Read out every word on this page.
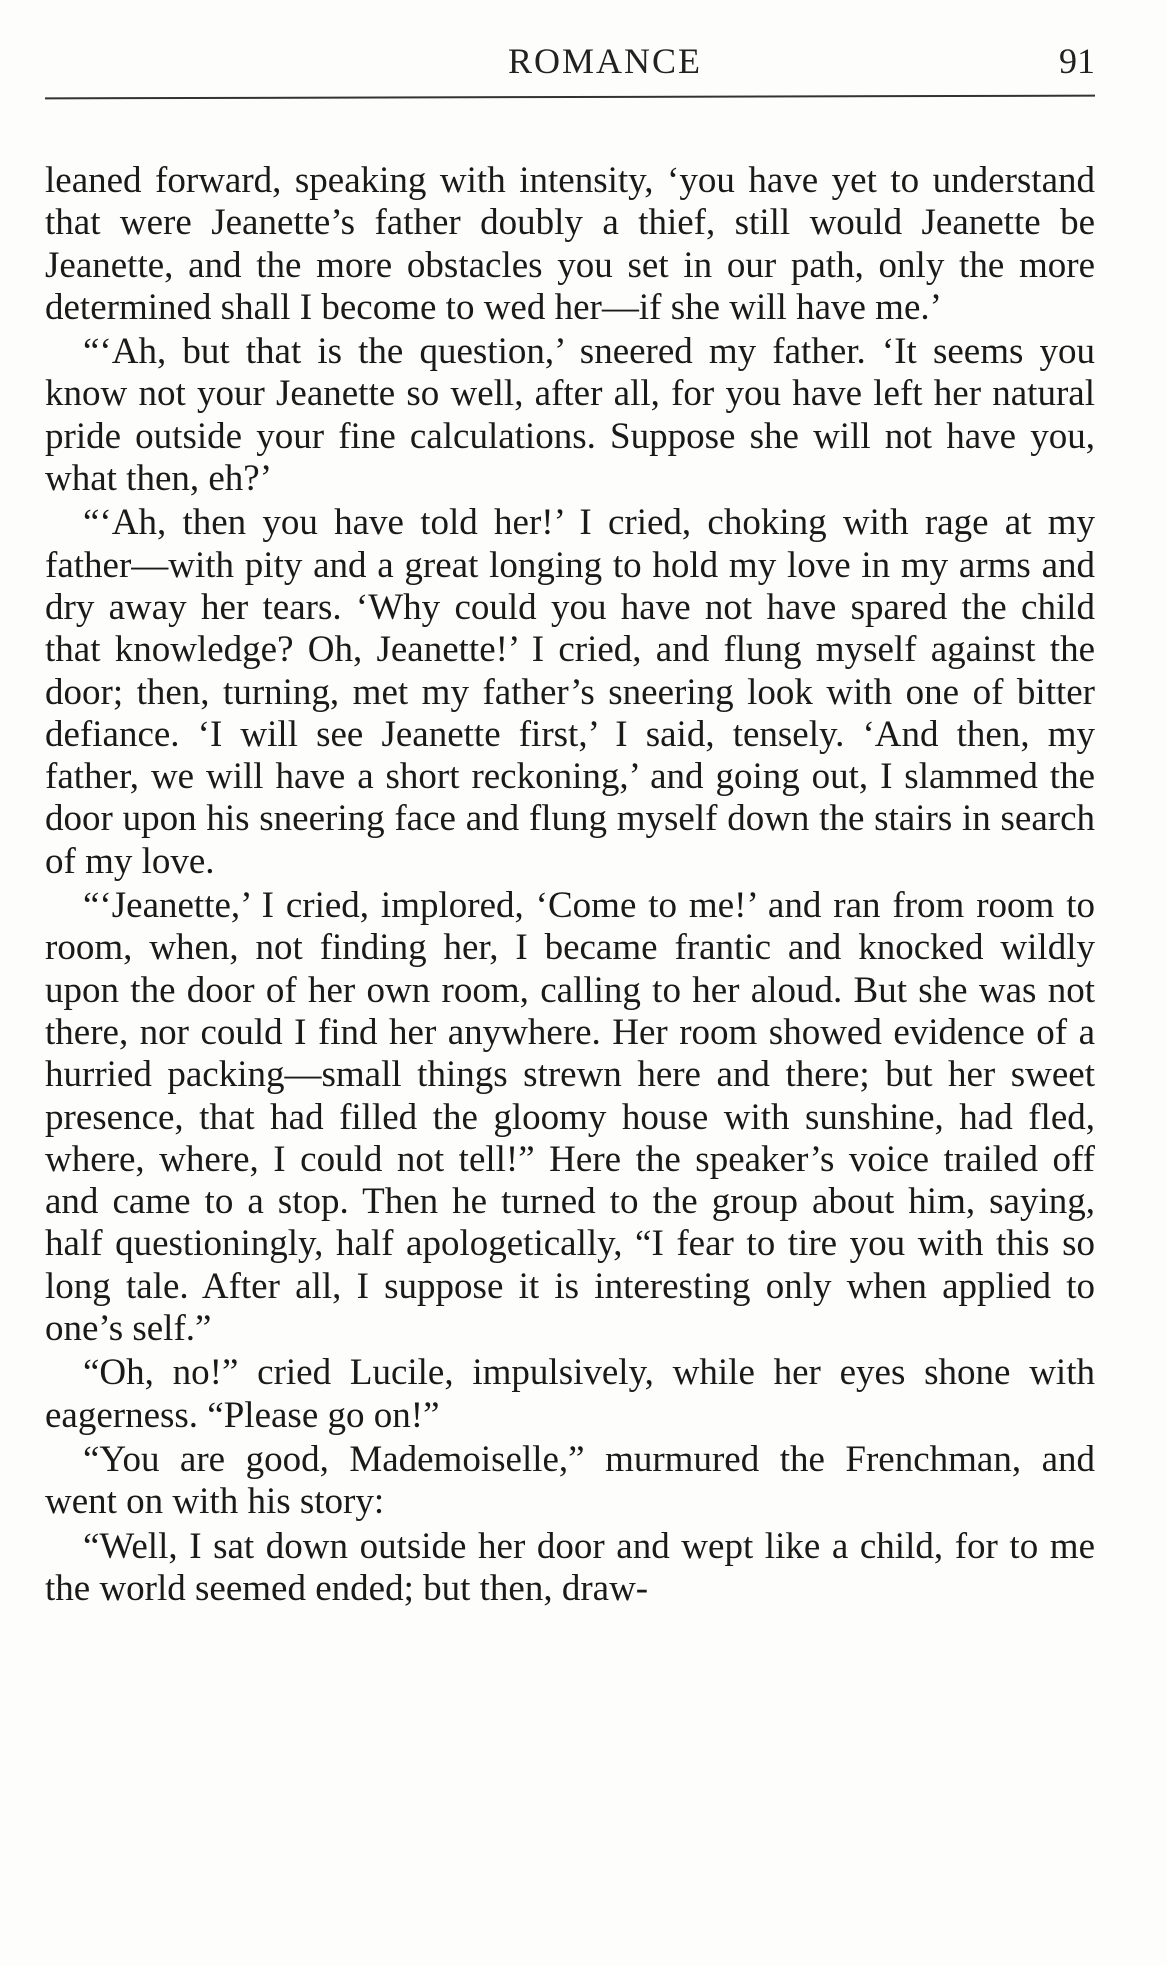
ROMANCE	91

leaned forward, speaking with intensity, ‘you have yet to understand that were Jeanette’s father doubly a thief, still would Jeanette be Jeanette, and the more obstacles you set in our path, only the more determined shall I become to wed her—if she will have me.’

“‘Ah, but that is the question,’ sneered my father. ‘It seems you know not your Jeanette so well, after all, for you have left her natural pride outside your fine calculations. Suppose she will not have you, what then, eh?’

“‘Ah, then you have told her!’ I cried, choking with rage at my father—with pity and a great longing to hold my love in my arms and dry away her tears. ‘Why could you have not have spared the child that knowledge? Oh, Jeanette!’ I cried, and flung myself against the door; then, turning, met my father’s sneering look with one of bitter defiance. ‘I will see Jeanette first,’ I said, tensely. ‘And then, my father, we will have a short reckoning,’ and going out, I slammed the door upon his sneering face and flung myself down the stairs in search of my love.

“‘Jeanette,’ I cried, implored, ‘Come to me!’ and ran from room to room, when, not finding her, I became frantic and knocked wildly upon the door of her own room, calling to her aloud. But she was not there, nor could I find her anywhere. Her room showed evidence of a hurried packing—small things strewn here and there; but her sweet presence, that had filled the gloomy house with sunshine, had fled, where, where, I could not tell!” Here the speaker’s voice trailed off and came to a stop. Then he turned to the group about him, saying, half questioningly, half apologetically, “I fear to tire you with this so long tale. After all, I suppose it is interesting only when applied to one’s self.”

“Oh, no!” cried Lucile, impulsively, while her eyes shone with eagerness. “Please go on!”

“You are good, Mademoiselle,” murmured the Frenchman, and went on with his story:

“Well, I sat down outside her door and wept like a child, for to me the world seemed ended; but then, draw-
